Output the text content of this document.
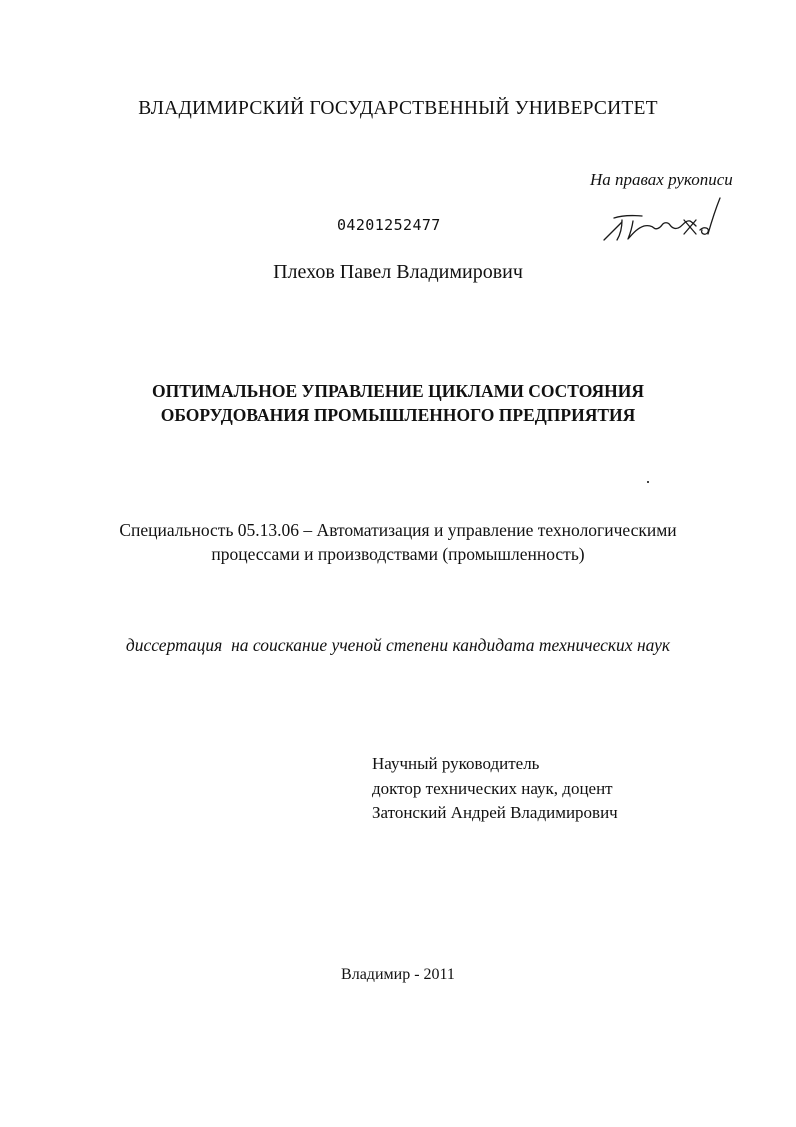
ВЛАДИМИРСКИЙ ГОСУДАРСТВЕННЫЙ УНИВЕРСИТЕТ
На правах рукописи
04201252477
Плехов Павел Владимирович
ОПТИМАЛЬНОЕ УПРАВЛЕНИЕ ЦИКЛАМИ СОСТОЯНИЯ
ОБОРУДОВАНИЯ ПРОМЫШЛЕННОГО ПРЕДПРИЯТИЯ
Специальность 05.13.06 – Автоматизация и управление технологическими
процессами и производствами (промышленность)
диссертация  на соискание ученой степени кандидата технических наук
Научный руководитель
доктор технических наук, доцент
Затонский Андрей Владимирович
Владимир - 2011
